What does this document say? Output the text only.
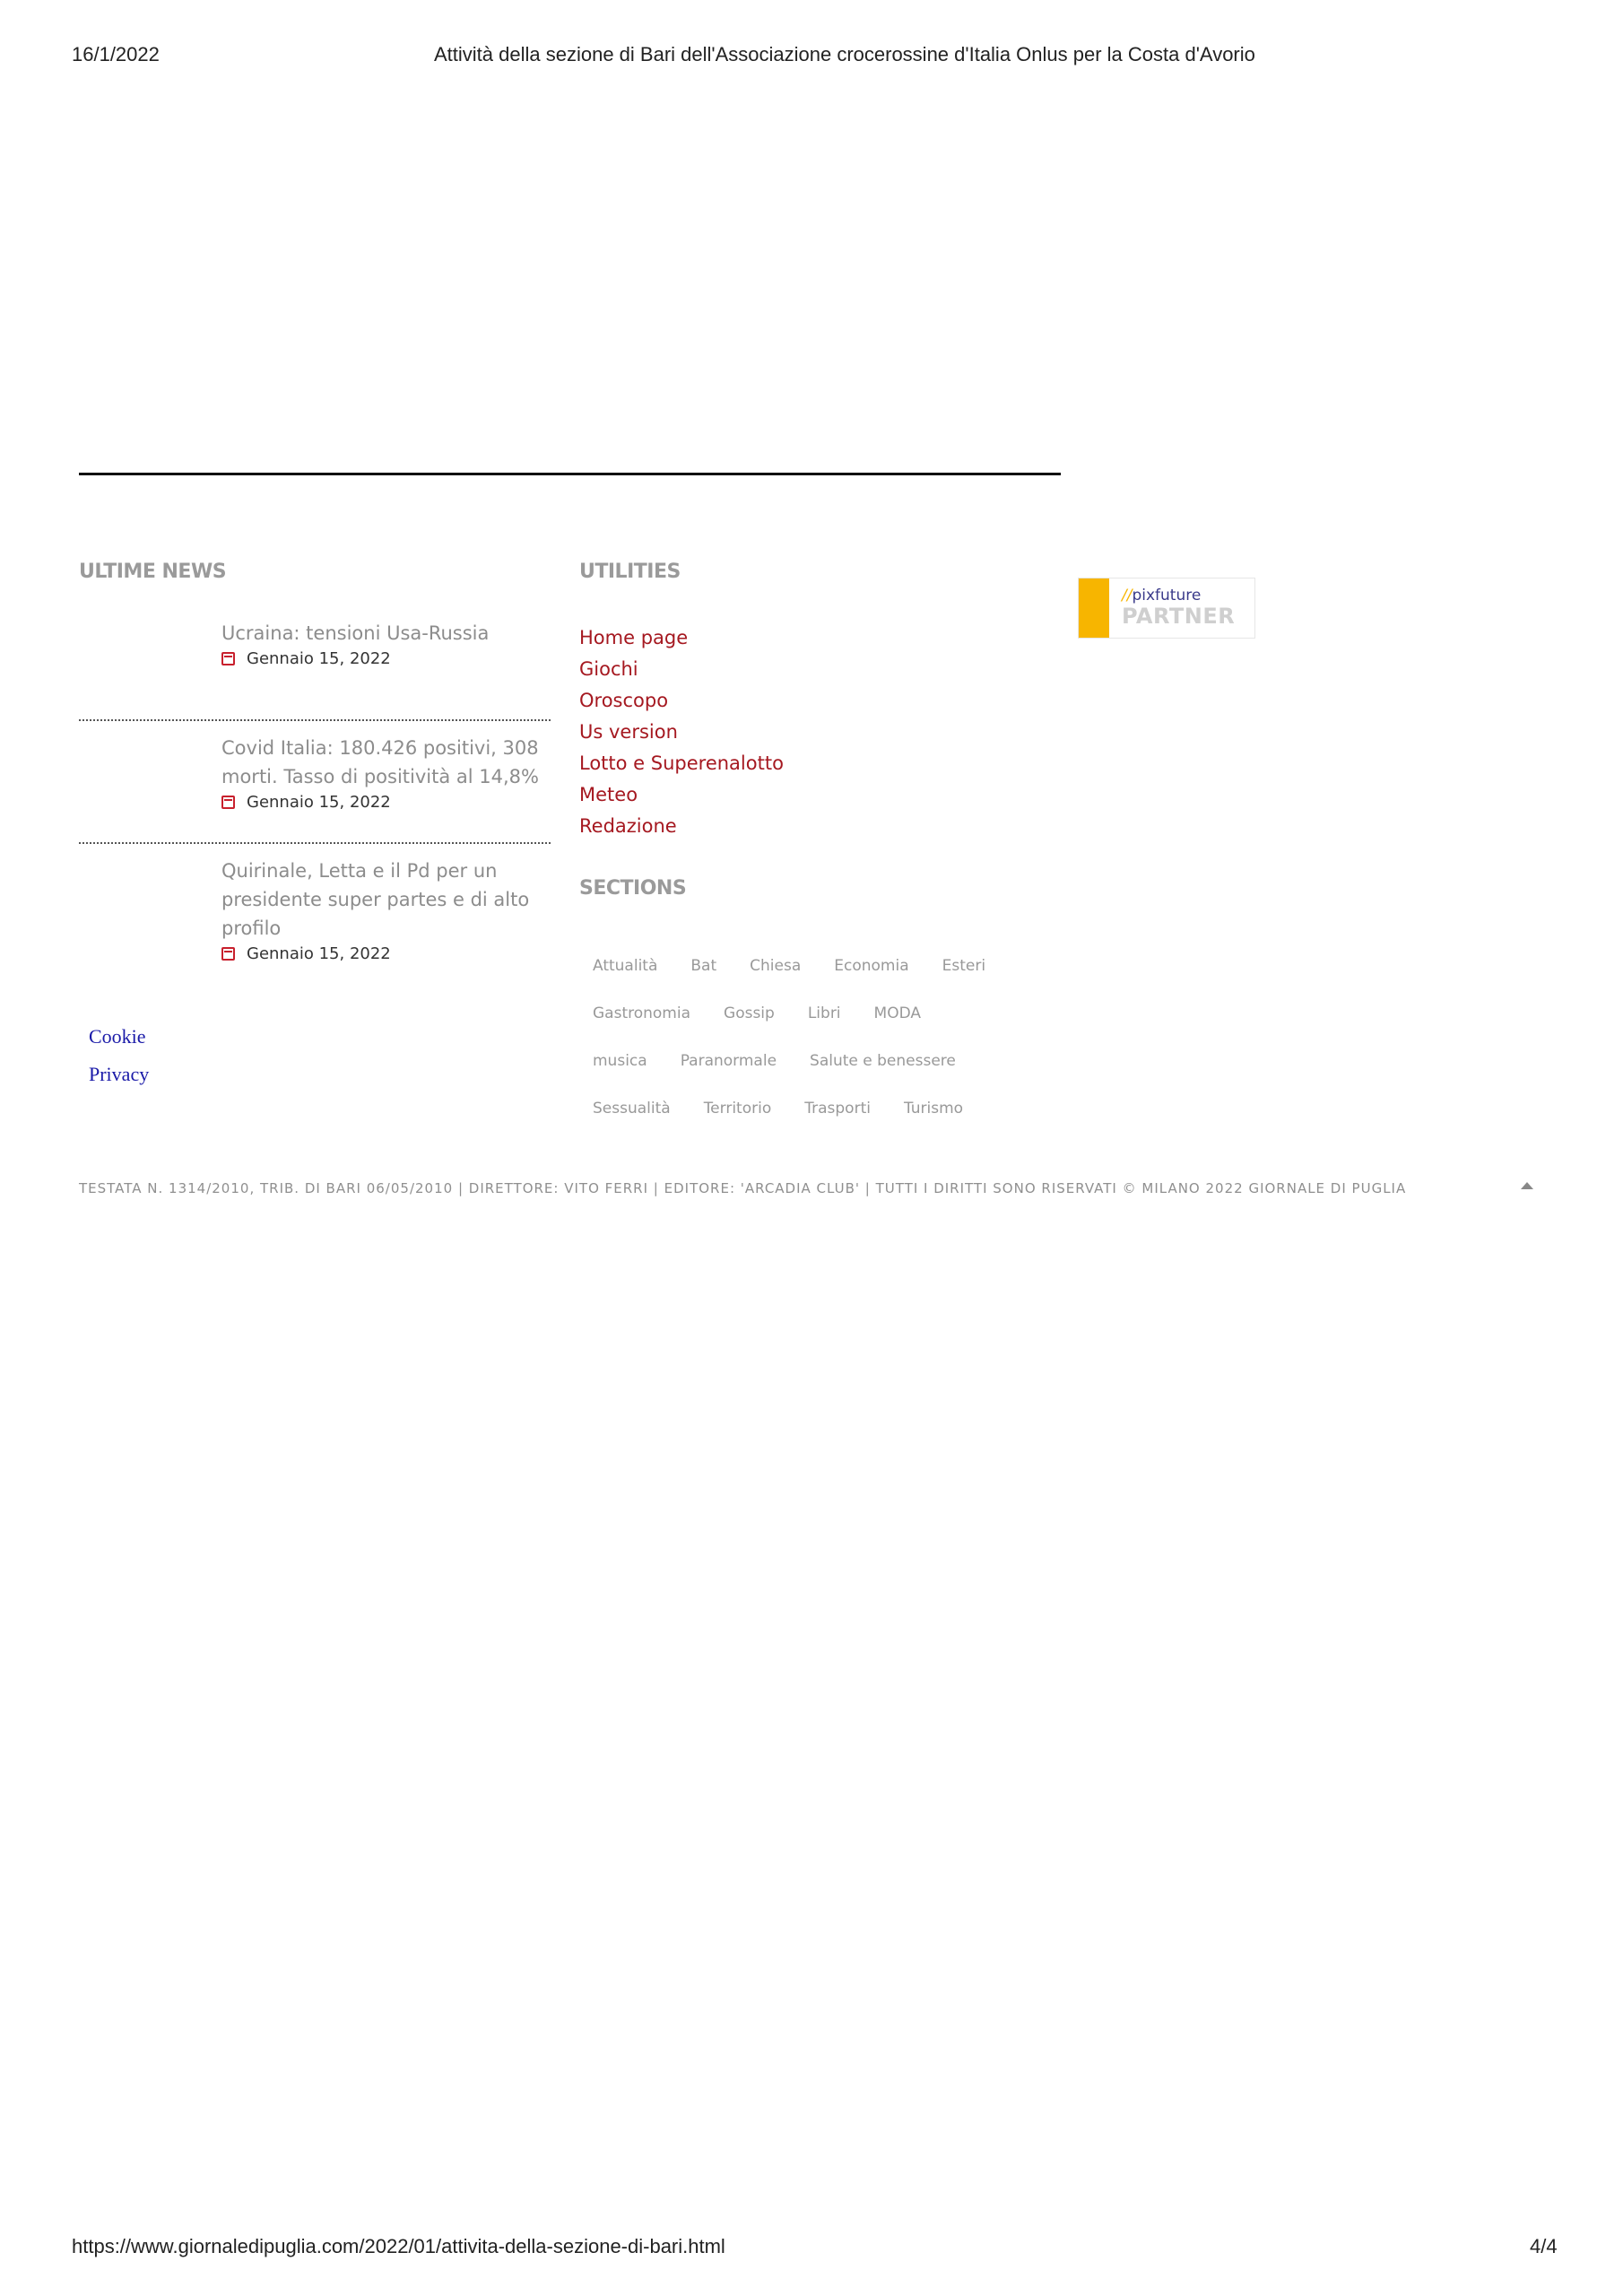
16/1/2022	Attività della sezione di Bari dell'Associazione crocerossine d'Italia Onlus per la Costa d'Avorio
ULTIME NEWS
Ucraina: tensioni Usa-Russia
Gennaio 15, 2022
Covid Italia: 180.426 positivi, 308 morti. Tasso di positività al 14,8%
Gennaio 15, 2022
Quirinale, Letta e il Pd per un presidente super partes e di alto profilo
Gennaio 15, 2022
Cookie
Privacy
UTILITIES
Home page
Giochi
Oroscopo
Us version
Lotto e Superenalotto
Meteo
Redazione
SECTIONS
Attualità Bat Chiesa Economia Esteri
Gastronomia Gossip Libri MODA
musica Paranormale Salute e benessere
Sessualità Territorio Trasporti Turismo
//pixfuture
PARTNER
TESTATA N. 1314/2010, TRIB. DI BARI 06/05/2010 | DIRETTORE: VITO FERRI | EDITORE: 'ARCADIA CLUB' | TUTTI I DIRITTI SONO RISERVATI © MILANO 2022 GIORNALE DI PUGLIA
https://www.giornaledipuglia.com/2022/01/attivita-della-sezione-di-bari.html	4/4
